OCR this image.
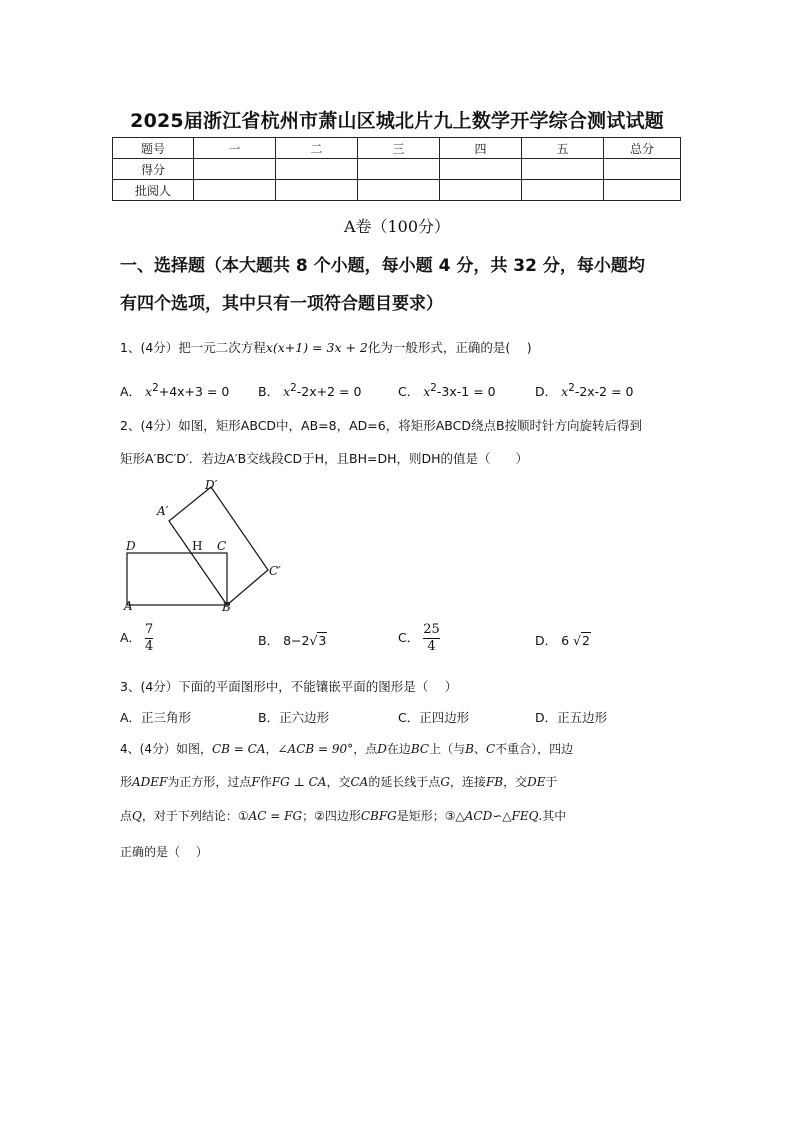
2025届浙江省杭州市萧山区城北片九上数学开学综合测试试题
题号	一	二	三	四	五	总分
得分						
批阅人						
A卷（100分）
一、选择题（本大题共 8 个小题，每小题 4 分，共 32 分，每小题均
有四个选项，其中只有一项符合题目要求）
1、(4分）把一元二次方程x(x+1) = 3x + 2化为一般形式，正确的是(　 )
A． $x^2+4x+3 = 0$ B． $x^2-2x+2 = 0$	C． $x^2-3x-1 = 0$	D． $x^2-2x-2 = 0$
2、(4分）如图，矩形ABCD中，AB=8，AD=6，将矩形ABCD绕点B按顺时针方向旋转后得到
矩形A′BC′D′．若边A′B交线段CD于H，且BH=DH，则DH的值是（　　）
D′
A′
D	H C
C′
A	B
A． $\frac{7}{4}$	B． 8−2√3	C． $\frac{25}{4}$	D． 6 √2
3、(4分）下面的平面图形中，不能镶嵌平面的图形是（　 ）
A．正三角形	B．正六边形	C．正四边形	D．正五边形
4、(4分）如图，CB = CA，∠ACB = 90°，点D在边BC上（与B、C不重合），四边
形ADEF为正方形，过点F作FG ⊥ CA，交CA的延长线于点G，连接FB，交DE于
点Q，对于下列结论：①AC = FG；②四边形CBFG是矩形；③△ACD∽△FEQ.其中
正确的是（　 ）
